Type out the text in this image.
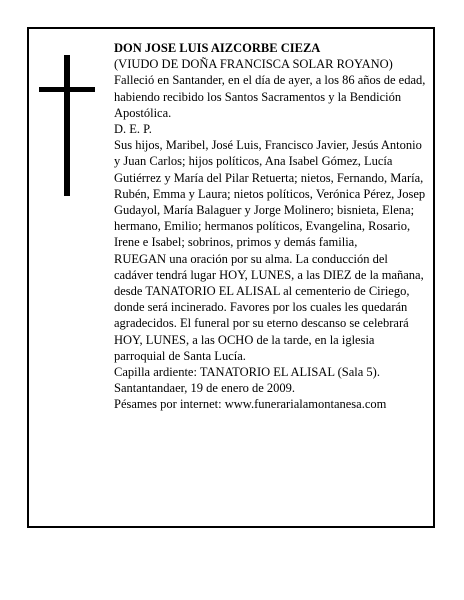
DON JOSE LUIS AIZCORBE CIEZA

(VIUDO DE DOÑA FRANCISCA SOLAR ROYANO)

Falleció en Santander, en el día de ayer, a los 86 años de edad,

habiendo recibido los Santos Sacramentos y la Bendición Apostólica.

D. E. P.

Sus hijos, Maribel, José Luis, Francisco Javier, Jesús Antonio y Juan Carlos; hijos políticos, Ana Isabel Gómez, Lucía Gutiérrez y María del Pilar Retuerta; nietos, Fernando, María, Rubén, Emma y Laura; nietos políticos, Verónica Pérez, Josep Gudayol, María Balaguer y Jorge Molinero; bisnieta, Elena; hermano, Emilio; hermanos políticos, Evangelina, Rosario, Irene e Isabel; sobrinos, primos y demás familia,

RUEGAN una oración por su alma. La conducción del cadáver tendrá lugar HOY, LUNES, a las DIEZ de la mañana, desde TANATORIO EL ALISAL al cementerio de Ciriego, donde será incinerado. Favores por los cuales les quedarán agradecidos. El funeral por su eterno descanso se celebrará HOY, LUNES, a las OCHO de la tarde, en la iglesia parroquial de Santa Lucía.

Capilla ardiente: TANATORIO EL ALISAL (Sala 5).

Santantandaer, 19 de enero de 2009.

Pésames por internet: www.funerarialamontanesa.com
